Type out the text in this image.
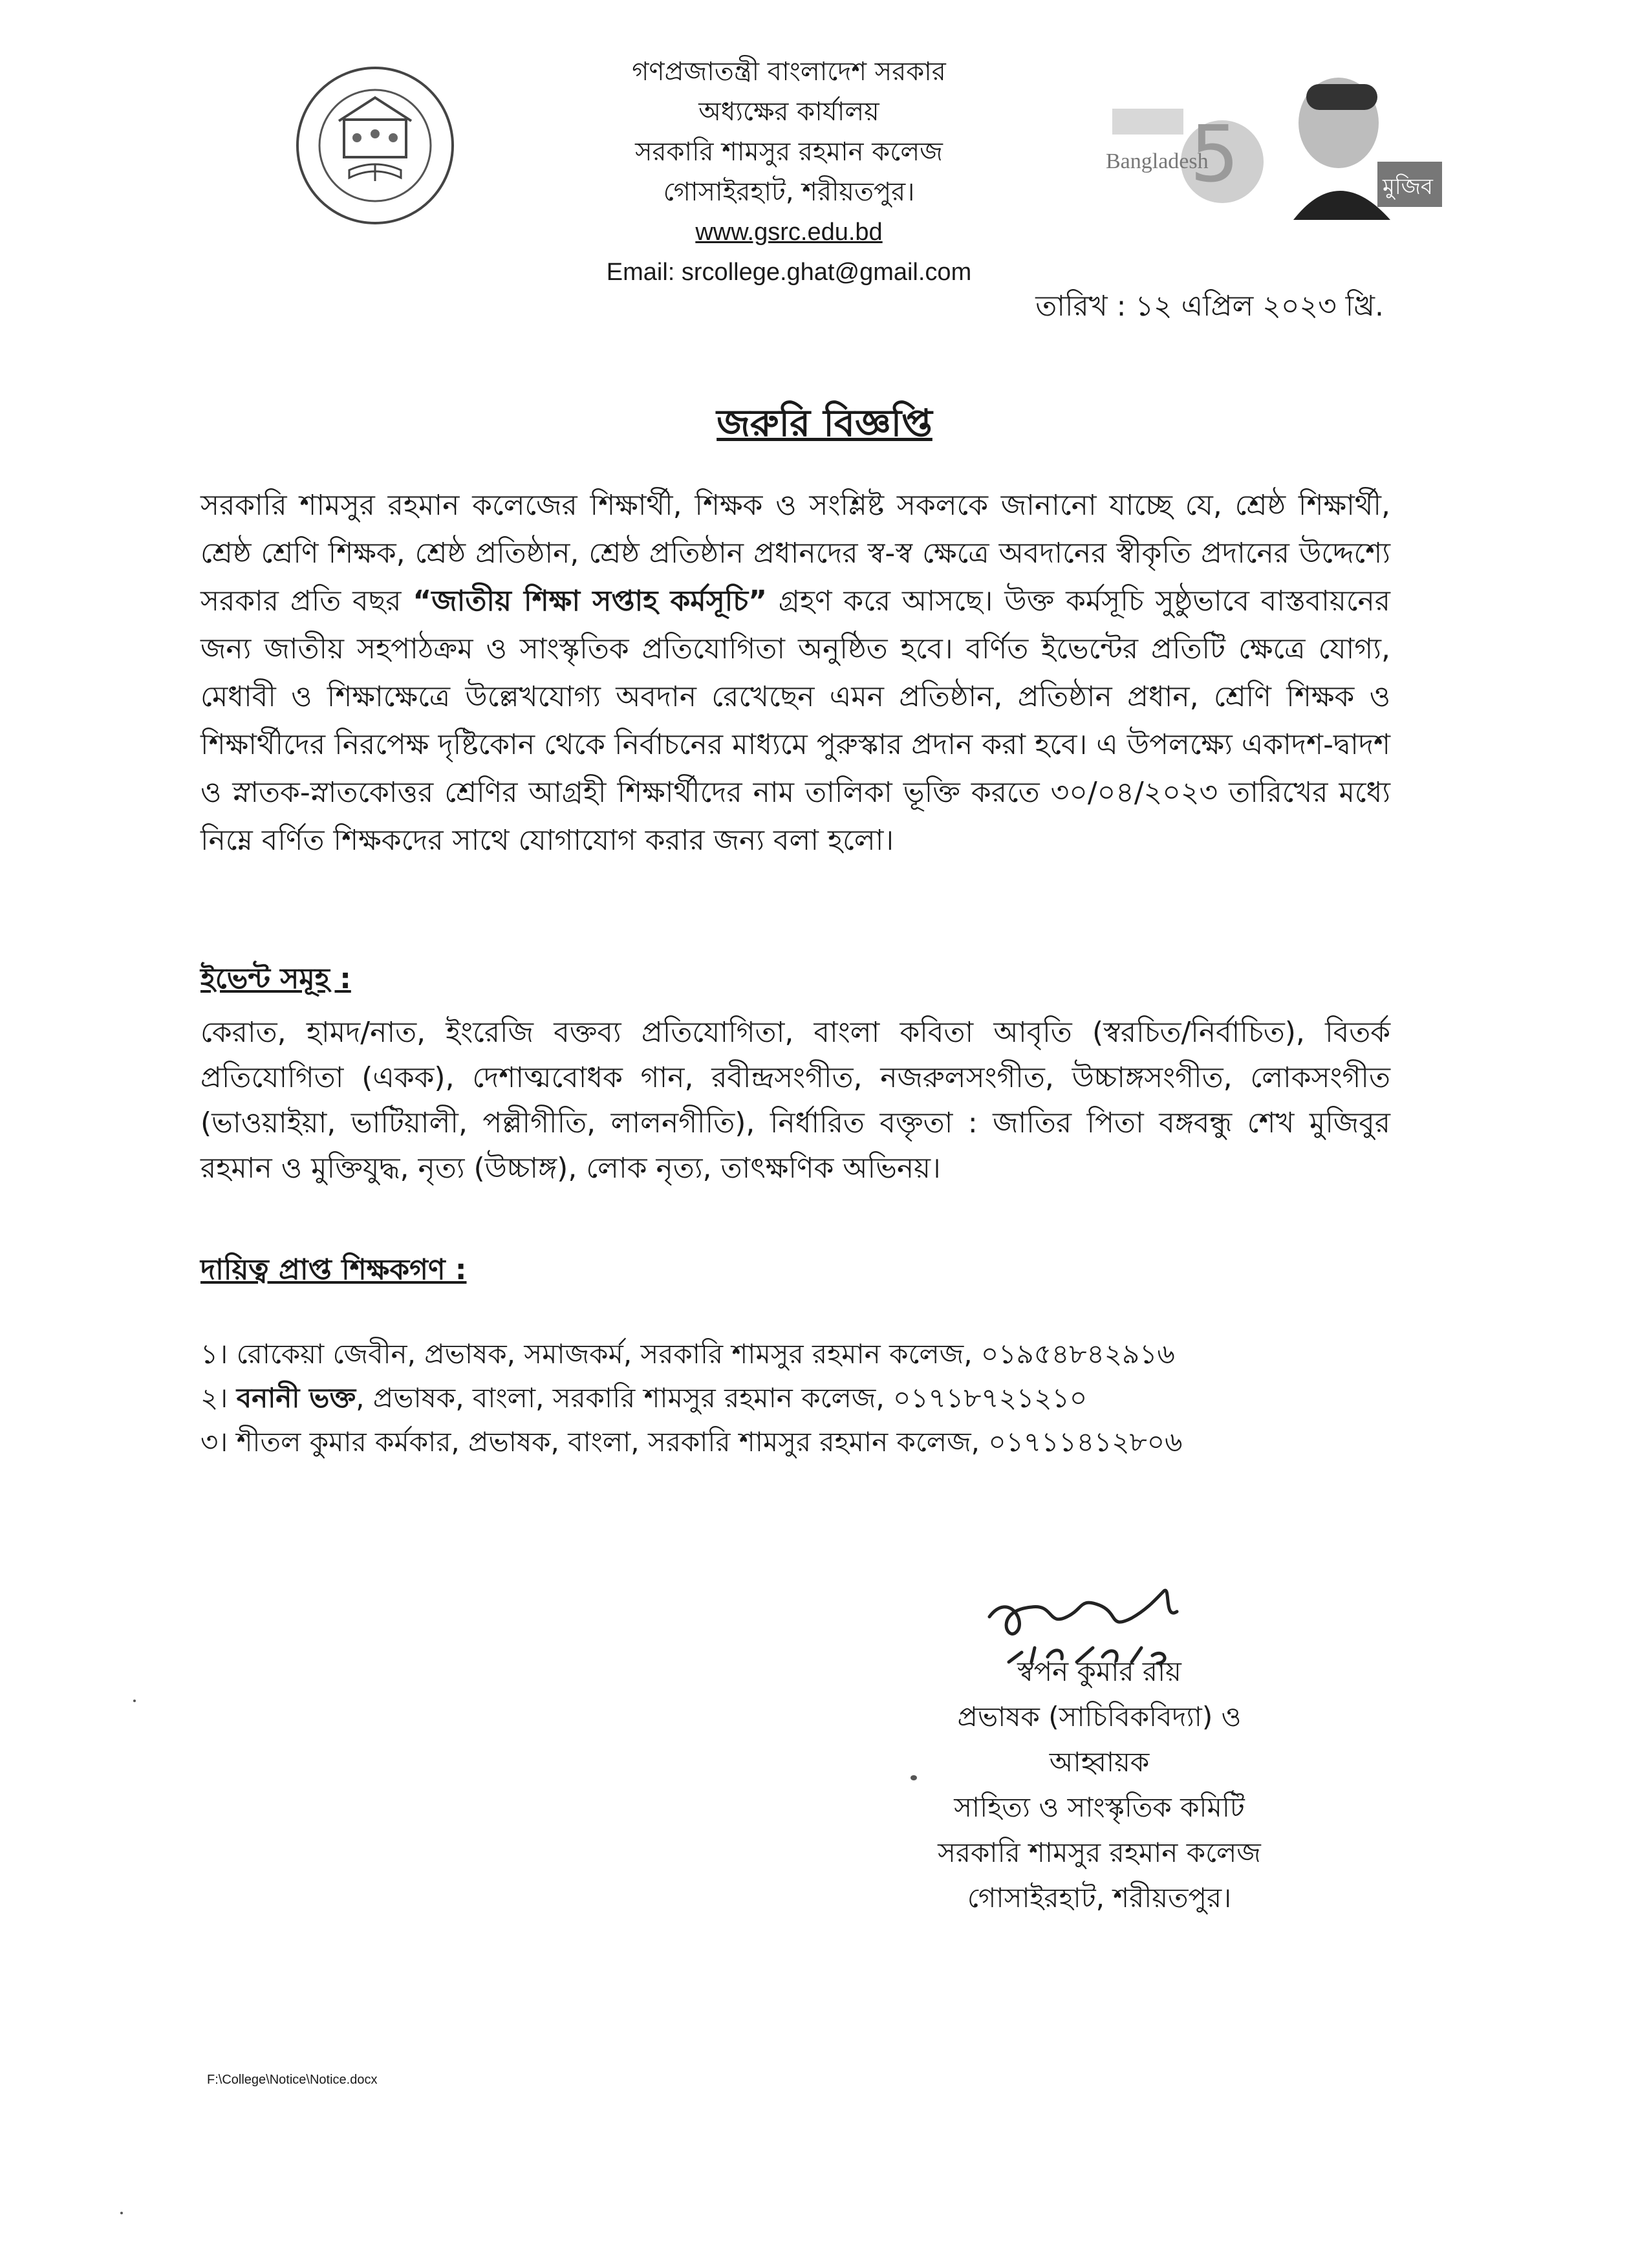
5
Bangladesh
মুজিব
গণপ্রজাতন্ত্রী বাংলাদেশ সরকার
অধ্যক্ষের কার্যালয়
সরকারি শামসুর রহমান কলেজ
গোসাইরহাট, শরীয়তপুর।
www.gsrc.edu.bd
Email: srcollege.ghat@gmail.com
তারিখ : ১২ এপ্রিল ২০২৩ খ্রি.
জরুরি বিজ্ঞপ্তি
সরকারি শামসুর রহমান কলেজের শিক্ষার্থী, শিক্ষক ও সংশ্লিষ্ট সকলকে জানানো যাচ্ছে যে, শ্রেষ্ঠ শিক্ষার্থী, শ্রেষ্ঠ শ্রেণি শিক্ষক, শ্রেষ্ঠ প্রতিষ্ঠান, শ্রেষ্ঠ প্রতিষ্ঠান প্রধানদের স্ব-স্ব ক্ষেত্রে অবদানের স্বীকৃতি প্রদানের উদ্দেশ্যে সরকার প্রতি বছর “জাতীয় শিক্ষা সপ্তাহ কর্মসূচি” গ্রহণ করে আসছে। উক্ত কর্মসূচি সুষ্ঠুভাবে বাস্তবায়নের জন্য জাতীয় সহপাঠক্রম ও সাংস্কৃতিক প্রতিযোগিতা অনুষ্ঠিত হবে। বর্ণিত ইভেন্টের প্রতিটি ক্ষেত্রে যোগ্য, মেধাবী ও শিক্ষাক্ষেত্রে উল্লেখযোগ্য অবদান রেখেছেন এমন প্রতিষ্ঠান, প্রতিষ্ঠান প্রধান, শ্রেণি শিক্ষক ও শিক্ষার্থীদের নিরপেক্ষ দৃষ্টিকোন থেকে নির্বাচনের মাধ্যমে পুরুস্কার প্রদান করা হবে। এ উপলক্ষ্যে একাদশ-দ্বাদশ ও স্নাতক-স্নাতকোত্তর শ্রেণির আগ্রহী শিক্ষার্থীদের নাম তালিকা ভূক্তি করতে ৩০/০৪/২০২৩ তারিখের মধ্যে নিম্নে বর্ণিত শিক্ষকদের সাথে যোগাযোগ করার জন্য বলা হলো।
ইভেন্ট সমূহ :
কেরাত, হামদ/নাত, ইংরেজি বক্তব্য প্রতিযোগিতা, বাংলা কবিতা আবৃতি (স্বরচিত/নির্বাচিত), বিতর্ক প্রতিযোগিতা (একক), দেশাত্মবোধক গান, রবীন্দ্রসংগীত, নজরুলসংগীত, উচ্চাঙ্গসংগীত, লোকসংগীত (ভাওয়াইয়া, ভাটিয়ালী, পল্লীগীতি, লালনগীতি), নির্ধারিত বক্তৃতা : জাতির পিতা বঙ্গবন্ধু শেখ মুজিবুর রহমান ও মুক্তিযুদ্ধ, নৃত্য (উচ্চাঙ্গ), লোক নৃত্য, তাৎক্ষণিক অভিনয়।
দায়িত্ব প্রাপ্ত শিক্ষকগণ :
১। রোকেয়া জেবীন, প্রভাষক, সমাজকর্ম, সরকারি শামসুর রহমান কলেজ, ০১৯৫৪৮৪২৯১৬
২। বনানী ভক্ত, প্রভাষক, বাংলা, সরকারি শামসুর রহমান কলেজ, ০১৭১৮৭২১২১০
৩। শীতল কুমার কর্মকার, প্রভাষক, বাংলা, সরকারি শামসুর রহমান কলেজ, ০১৭১১৪১২৮০৬
স্বপন কুমার রায়
প্রভাষক (সাচিবিকবিদ্যা) ও
আহ্বায়ক
সাহিত্য ও সাংস্কৃতিক কমিটি
সরকারি শামসুর রহমান কলেজ
গোসাইরহাট, শরীয়তপুর।
F:\College\Notice\Notice.docx
